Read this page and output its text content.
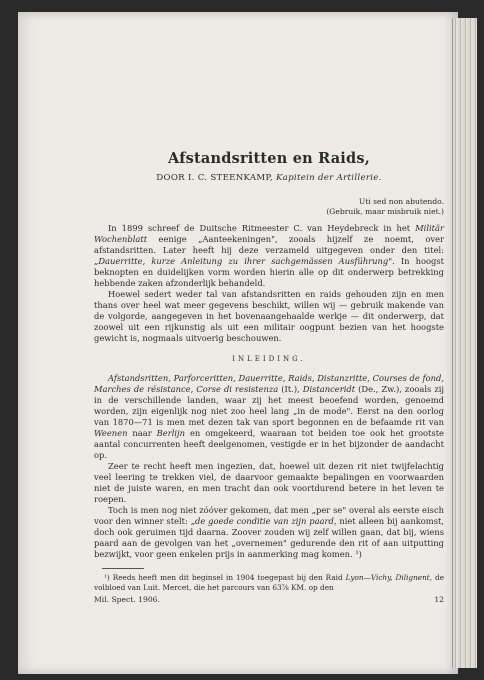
Afstandsritten en Raids,
DOOR I. C. STEENKAMP, Kapitein der Artillerie.
Uti sed non abutendo.
(Gebruik, maar misbruik niet.)

In 1899 schreef de Duitsche Ritmeester C. van Heydebreck in het Militär Wochenblatt eenige „Aanteekeningen", zooals hijzelf ze noemt, over afstandsritten. Later heeft hij deze verzameld uitgegeven onder den titel: „Dauerritte, kurze Anleitung zu ihrer sachgemässen Ausführung". In hoogst beknopten en duidelijken vorm worden hierin alle op dit onderwerp betrekking hebbende zaken afzonderlijk behandeld.

Hoewel sedert weder tal van afstandsritten en raids gehouden zijn en men thans over heel wat meer gegevens beschikt, willen wij — gebruik makende van de volgorde, aangegeven in het bovenaangehaalde werkje — dit onderwerp, dat zoowel uit een rijkunstig als uit een militair oogpunt bezien van het hoogste gewicht is, nogmaals uitvoerig beschouwen.

INLEIDING.

Afstandsritten, Parforceritten, Dauerritte, Raids, Distanzritte, Courses de fond, Marches de résistance, Corse di resistenza (It.), Distanceridt (De., Zw.), zooals zij in de verschillende landen, waar zij het meest beoefend worden, genoemd worden, zijn eigenlijk nog niet zoo heel lang „in de mode". Eerst na den oorlog van 1870—71 is men met dezen tak van sport begonnen en de befaamde rit van Weenen naar Berlijn en omgekeerd, waaraan tot beiden toe ook het grootste aantal concurrenten heeft deelgenomen, vestigde er in het bijzonder de aandacht op.

Zeer te recht heeft men ingezien, dat, hoewel uit dezen rit niet twijfelachtig veel leering te trekken viel, de daarvoor gemaakte bepalingen en voorwaarden niet de juiste waren, en men tracht dan ook voortdurend betere in het leven te roepen.

Toch is men nog niet zóóver gekomen, dat men „per se" overal als eerste eisch voor den winner stelt: „de goede conditie van zijn paard, niet alleen bij aankomst, doch ook geruimen tijd daarna. Zoover zouden wij zelf willen gaan, dat bij, wiens paard aan de gevolgen van het „overnemen" gedurende den rit of aan uitputting bezwijkt, voor geen enkelen prijs in aanmerking mag komen. ¹)

¹) Reeds heeft men dit beginsel in 1904 toegepast bij den Raid Lyon—Vichy, Dilignent, de volbloed van Luit. Mercet, die het parcours van 63⅞ KM. op den
Mil. Spect. 1906.	12
